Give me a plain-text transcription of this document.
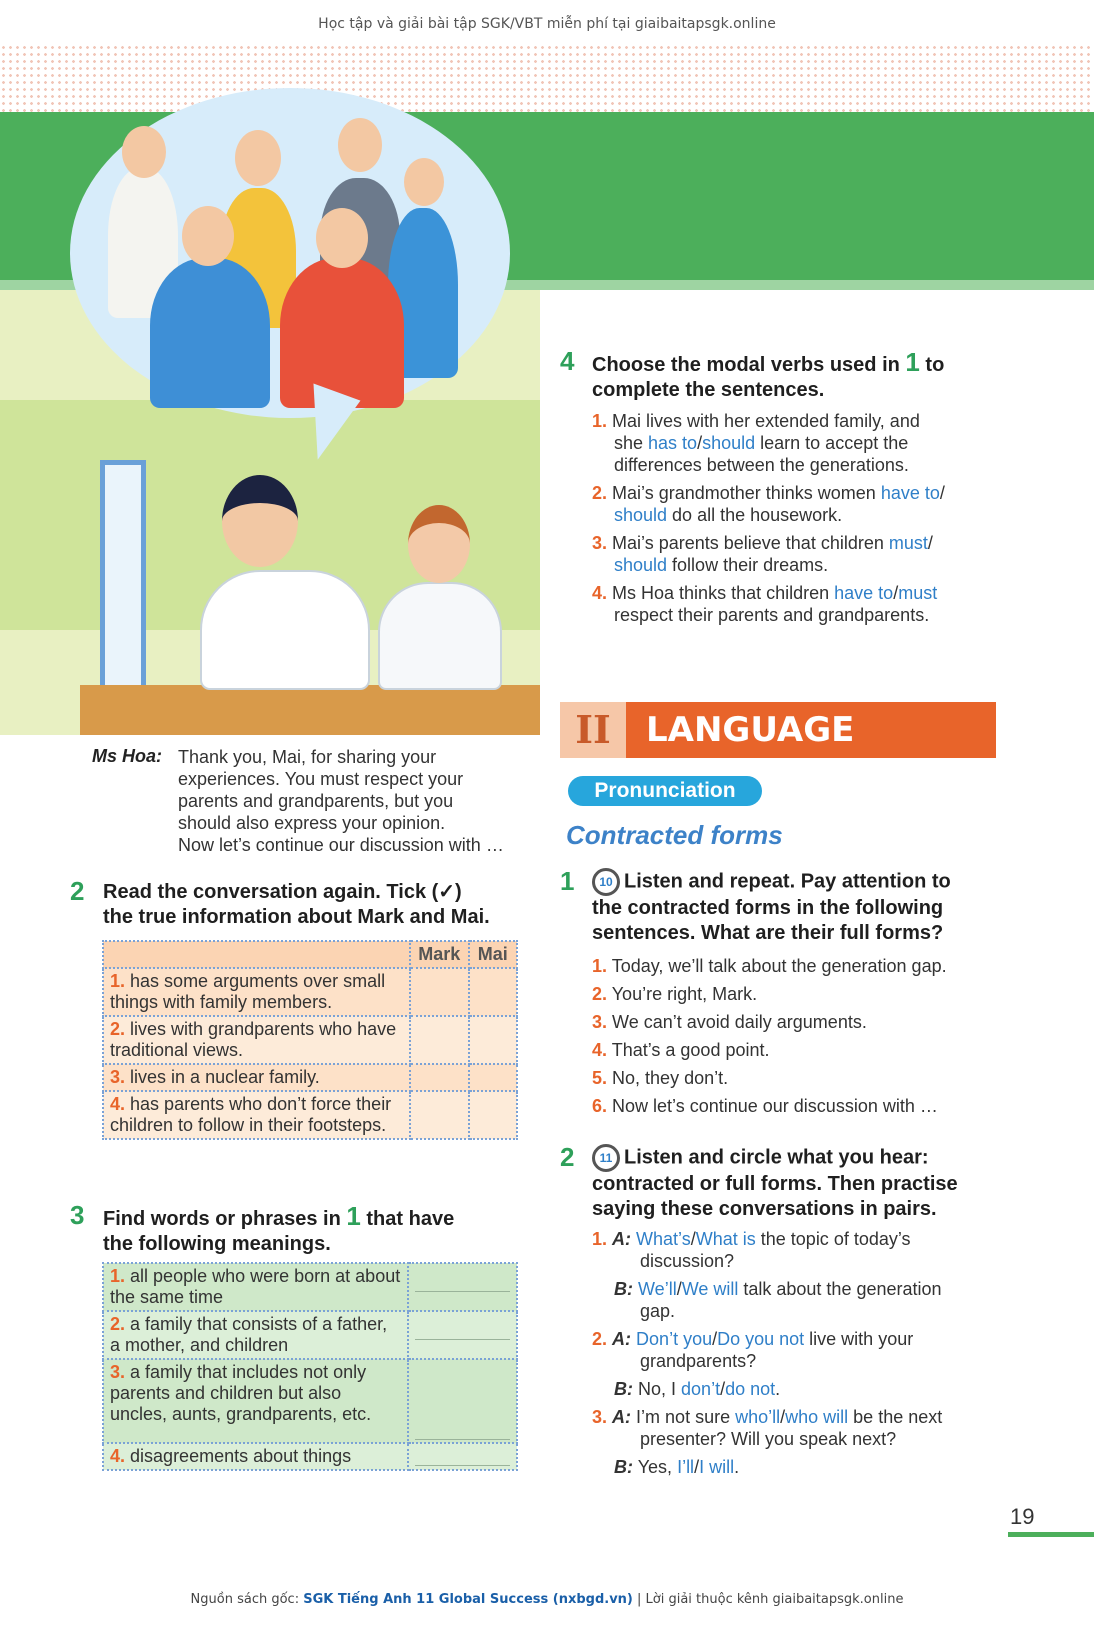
Học tập và giải bài tập SGK/VBT miễn phí tại giaibaitapsgk.online
Ms Hoa: Thank you, Mai, for sharing your
experiences. You must respect your
parents and grandparents, but you
should also express your opinion.
Now let’s continue our discussion with …
2 Read the conversation again. Tick (✓)
the true information about Mark and Mai.
	Mark	Mai
1. has some arguments over small things with family members.		
2. lives with grandparents who have traditional views.		
3. lives in a nuclear family.		
4. has parents who don’t force their children to follow in their footsteps.		
3 Find words or phrases in 1 that have
the following meanings.
1. all people who were born at about the same time	

2. a family that consists of a father, a mother, and children	

3. a family that includes not only parents and children but also uncles, aunts, grandparents, etc.	

4. disagreements about things	
4 Choose the modal verbs used in 1 to
complete the sentences.
1. Mai lives with her extended family, and
she has to/should learn to accept the
differences between the generations.
2. Mai’s grandmother thinks women have to/
should do all the housework.
3. Mai’s parents believe that children must/
should follow their dreams.
4. Ms Hoa thinks that children have to/must
respect their parents and grandparents.
II	LANGUAGE
Pronunciation
Contracted forms
1	10 Listen and repeat. Pay attention to
the contracted forms in the following
sentences. What are their full forms?
1. Today, we’ll talk about the generation gap.
2. You’re right, Mark.
3. We can’t avoid daily arguments.
4. That’s a good point.
5. No, they don’t.
6. Now let’s continue our discussion with …
2	11 Listen and circle what you hear:
contracted or full forms. Then practise
saying these conversations in pairs.
1. A: What’s/What is the topic of today’s
discussion?
B: We’ll/We will talk about the generation
gap.
2. A: Don’t you/Do you not live with your
grandparents?
B: No, I don’t/do not.
3. A: I’m not sure who’ll/who will be the next
presenter? Will you speak next?
B: Yes, I’ll/I will.
19
Nguồn sách gốc: SGK Tiếng Anh 11 Global Success (nxbgd.vn) | Lời giải thuộc kênh giaibaitapsgk.online
